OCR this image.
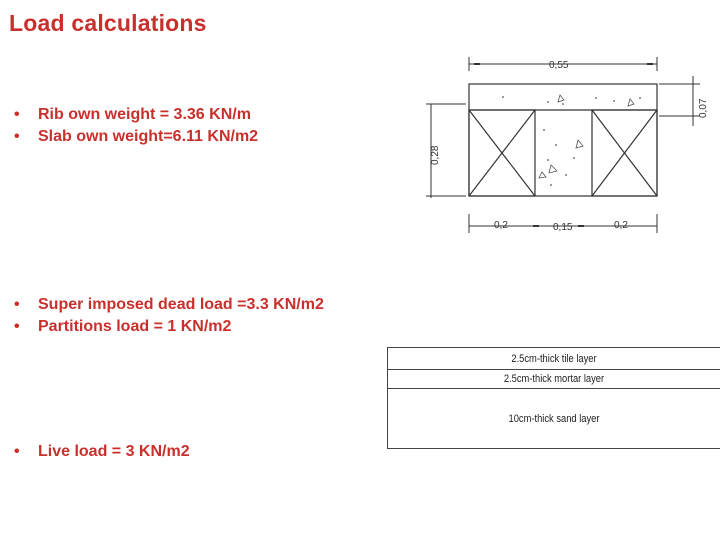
Load calculations
• Rib own weight = 3.36 KN/m
• Slab own weight=6.11 KN/m2
• Super imposed dead load =3.3 KN/m2
• Partitions load = 1 KN/m2
• Live load = 3 KN/m2
0,55
0,07
0,28
0,2	0,15	0,2
2.5cm-thick tile layer
2.5cm-thick mortar layer
10cm-thick sand layer
